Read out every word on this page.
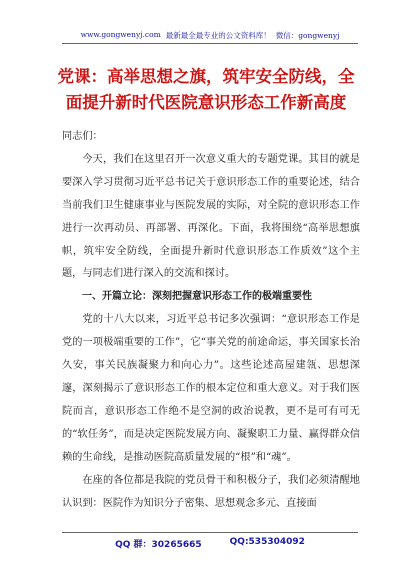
www.gongwenyj.com 最新最全最专业的公文资料库！ 微信：gongwenyj
党课：高举思想之旗，筑牢安全防线，全面提升新时代医院意识形态工作新高度

同志们：

今天，我们在这里召开一次意义重大的专题党课。其目的就是要深入学习贯彻习近平总书记关于意识形态工作的重要论述，结合当前我们卫生健康事业与医院发展的实际，对全院的意识形态工作进行一次再动员、再部署、再深化。下面，我将围绕“高举思想旗帜，筑牢安全防线，全面提升新时代意识形态工作质效”这个主题，与同志们进行深入的交流和探讨。

一、开篇立论：深刻把握意识形态工作的极端重要性

党的十八大以来，习近平总书记多次强调：“意识形态工作是党的一项极端重要的工作”，它“事关党的前途命运，事关国家长治久安，事关民族凝聚力和向心力”。这些论述高屋建瓴、思想深邃，深刻揭示了意识形态工作的根本定位和重大意义。对于我们医院而言，意识形态工作绝不是空洞的政治说教，更不是可有可无的“软任务”，而是决定医院发展方向、凝聚职工力量、赢得群众信赖的生命线，是推动医院高质量发展的“根”和“魂”。

在座的各位都是我院的党员骨干和积极分子，我们必须清醒地认识到：医院作为知识分子密集、思想观念多元、直接面

QQ 群：30265665	QQ:535304092
